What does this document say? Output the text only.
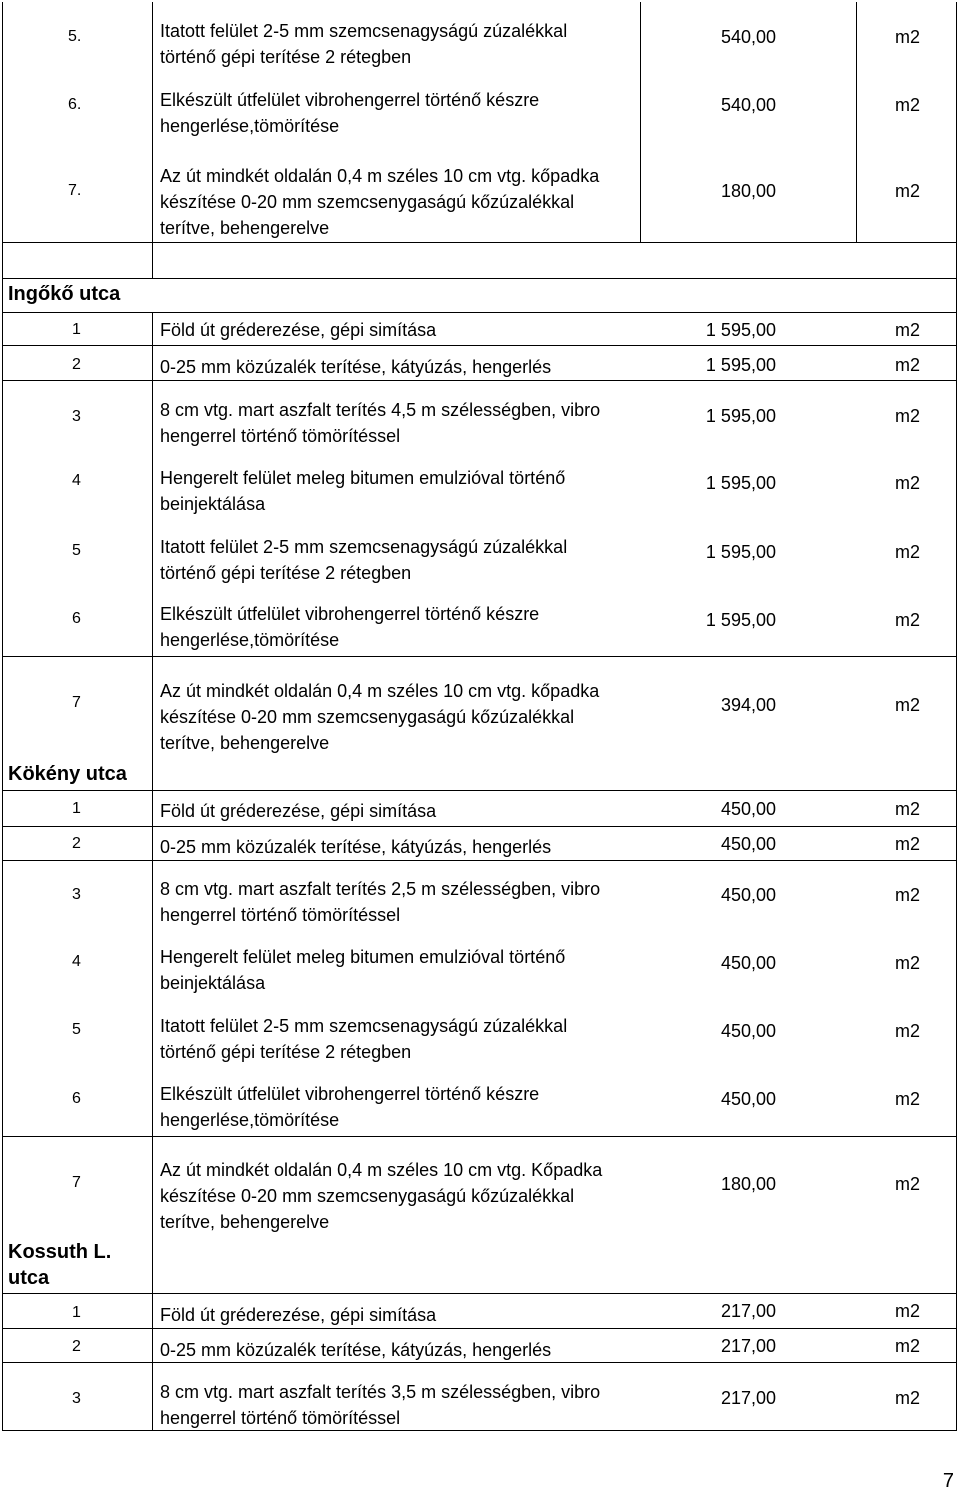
5.	Itatott felület 2-5 mm szemcsenagyságú zúzalékkal
történő gépi terítése 2 rétegben
540,00	m2
6.	Elkészült útfelület vibrohengerrel történő készre
hengerlése,tömörítése
540,00	m2
7.
Az út mindkét oldalán 0,4 m széles 10 cm vtg. kőpadka
készítése 0-20 mm szemcsenygaságú kőzúzalékkal
terítve, behengerelve
180,00	m2
Ingőkő utca
1	Föld út gréderezése, gépi simítása	1 595,00	m2
2	0-25 mm közúzalék terítése, kátyúzás, hengerlés	1 595,00	m2
3	8 cm vtg. mart aszfalt terítés 4,5 m szélességben, vibro
hengerrel történő tömörítéssel
1 595,00	m2
4	Hengerelt felület meleg bitumen emulzióval történő
beinjektálása
1 595,00	m2
5	Itatott felület 2-5 mm szemcsenagyságú zúzalékkal
történő gépi terítése 2 rétegben
1 595,00	m2
6	Elkészült útfelület vibrohengerrel történő készre
hengerlése,tömörítése
1 595,00	m2
7
Az út mindkét oldalán 0,4 m széles 10 cm vtg. kőpadka
készítése 0-20 mm szemcsenygaságú kőzúzalékkal
terítve, behengerelve
394,00	m2
Kökény utca
1	Föld út gréderezése, gépi simítása	450,00	m2
2	0-25 mm közúzalék terítése, kátyúzás, hengerlés	450,00	m2
3	8 cm vtg. mart aszfalt terítés 2,5 m szélességben, vibro
hengerrel történő tömörítéssel
450,00	m2
4	Hengerelt felület meleg bitumen emulzióval történő
beinjektálása
450,00	m2
5	Itatott felület 2-5 mm szemcsenagyságú zúzalékkal
történő gépi terítése 2 rétegben
450,00	m2
6	Elkészült útfelület vibrohengerrel történő készre
hengerlése,tömörítése
450,00	m2
7
Az út mindkét oldalán 0,4 m széles 10 cm vtg. Kőpadka
készítése 0-20 mm szemcsenygaságú kőzúzalékkal
terítve, behengerelve
180,00	m2
Kossuth L.
utca
1	Föld út gréderezése, gépi simítása	217,00	m2
2	0-25 mm közúzalék terítése, kátyúzás, hengerlés	217,00	m2
3	8 cm vtg. mart aszfalt terítés 3,5 m szélességben, vibro
hengerrel történő tömörítéssel
217,00	m2
7
